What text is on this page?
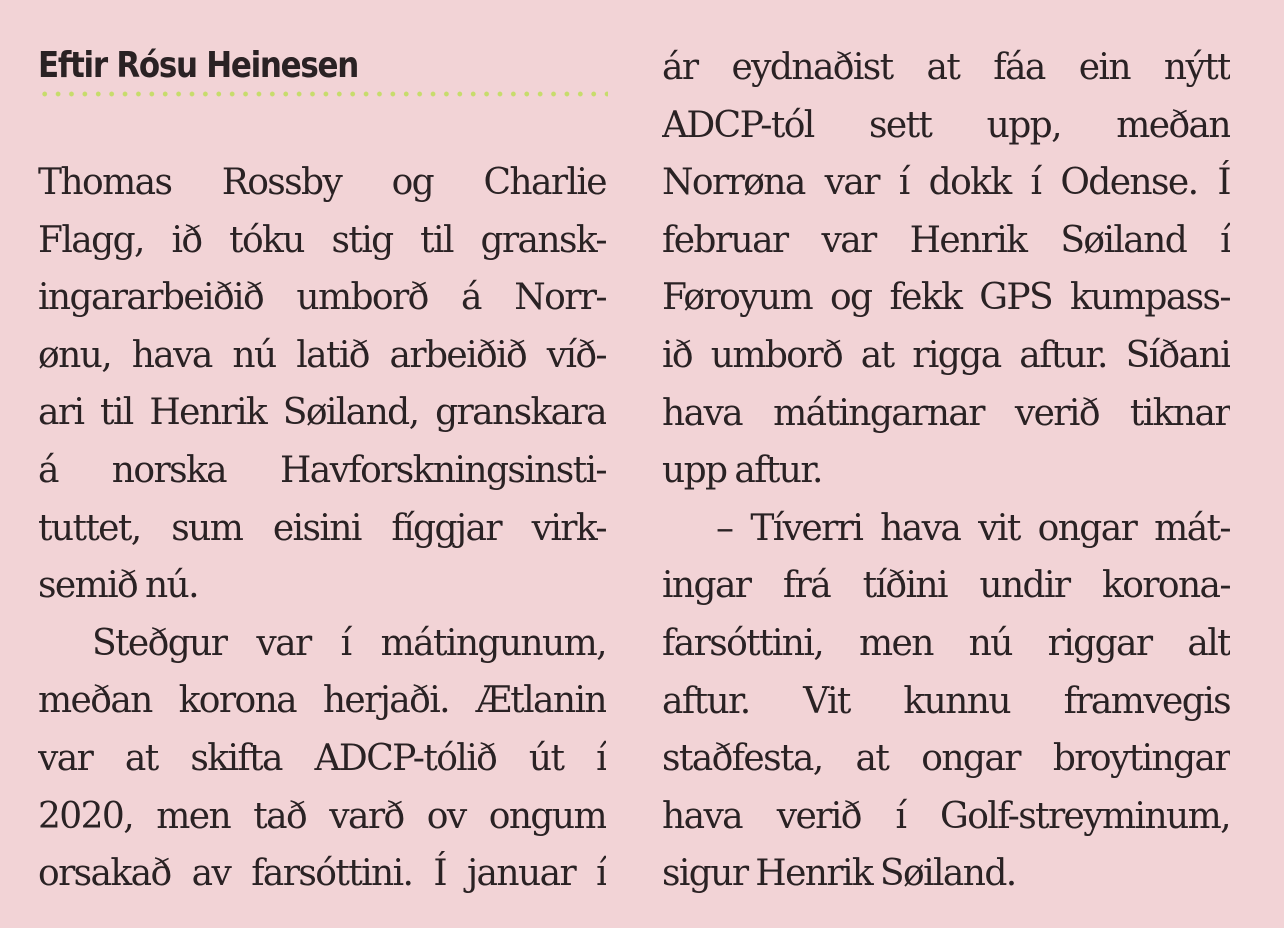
Eftir Rósu Heinesen
Thomas Rossby og Charlie
Flagg, ið tóku stig til gransk-
ingararbeiðið umborð á Norr-
ønu, hava nú latið arbeiðið víð-
ari til Henrik Søiland, granskara
á norska Havforskningsinsti-
tuttet, sum eisini fíggjar virk-
semið nú.
Steðgur var í mátingunum,
meðan korona herjaði. Ætlanin
var at skifta ADCP-tólið út í
2020, men tað varð ov ongum
orsakað av farsóttini. Í januar í
ár eydnaðist at fáa ein nýtt
ADCP-tól sett upp, meðan
Norrøna var í dokk í Odense. Í
februar var Henrik Søiland í
Føroyum og fekk GPS kumpass-
ið umborð at rigga aftur. Síðani
hava mátingarnar verið tiknar
upp aftur.
– Tíverri hava vit ongar mát-
ingar frá tíðini undir korona-
farsóttini, men nú riggar alt
aftur. Vit kunnu framvegis
staðfesta, at ongar broytingar
hava verið í Golf-streyminum,
sigur Henrik Søiland.
